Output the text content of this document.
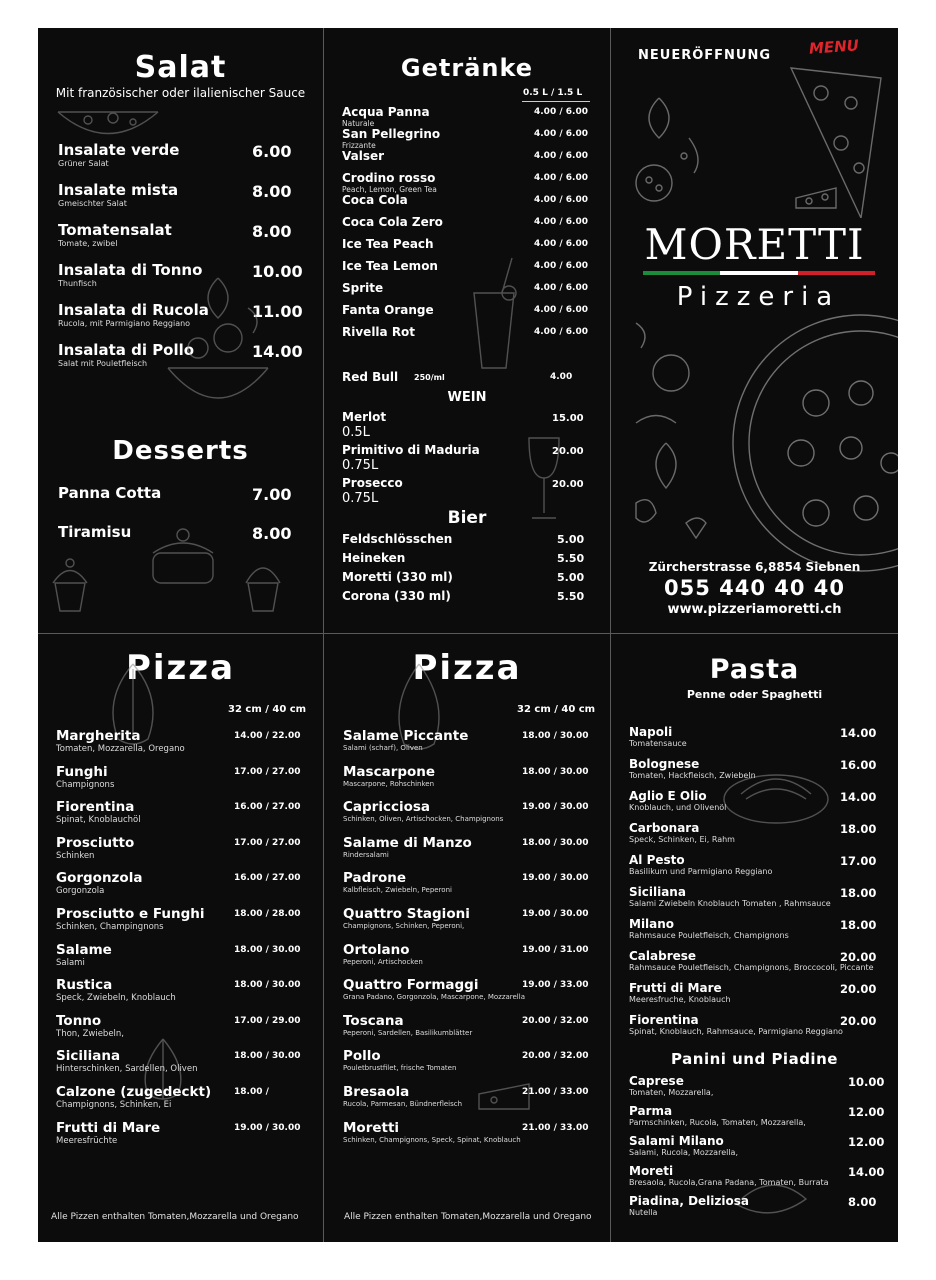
Salat
Mit französischer oder ilalienischer Sauce
Insalate verde
Grüner Salat
6.00
Insalate mista
Gmeischter Salat
8.00
Tomatensalat
Tomate, zwibel
8.00
Insalata di Tonno
Thunfisch
10.00
Insalata di Rucola
Rucola, mit Parmigiano Reggiano
11.00
Insalata di Pollo
Salat mit Pouletfleisch
14.00
Desserts
Panna Cotta	7.00
Tiramisu	8.00
Getränke
0.5 L / 1.5 L
Acqua Panna
Naturale
4.00 / 6.00
San Pellegrino
Frizzante
4.00 / 6.00
Valser	4.00 / 6.00
Crodino rosso
Peach, Lemon, Green Tea
4.00 / 6.00
Coca Cola	4.00 / 6.00
Coca Cola Zero	4.00 / 6.00
Ice Tea Peach	4.00 / 6.00
Ice Tea Lemon	4.00 / 6.00
Sprite	4.00 / 6.00
Fanta Orange	4.00 / 6.00
Rivella Rot	4.00 / 6.00
Red Bull 250/ml	4.00
WEIN
Merlot
0.5L
15.00
Primitivo di Maduria
0.75L
20.00
Prosecco
0.75L
20.00
Bier
Feldschlösschen	5.00
Heineken	5.50
Moretti (330 ml)	5.00
Corona (330 ml)	5.50
NEUERÖFFNUNG MENU
MORETTI
Pizzeria
Zürcherstrasse 6,8854 Siebnen
055 440 40 40
www.pizzeriamoretti.ch
Pizza
32 cm / 40 cm
Margherita
Tomaten, Mozzarella, Oregano
14.00 / 22.00
Funghi
Champignons
17.00 / 27.00
Fiorentina
Spinat, Knoblauchöl
16.00 / 27.00
Prosciutto
Schinken
17.00 / 27.00
Gorgonzola
Gorgonzola
16.00 / 27.00
Prosciutto e Funghi
Schinken, Champingnons
18.00 / 28.00
Salame
Salami
18.00 / 30.00
Rustica
Speck, Zwiebeln, Knoblauch
18.00 / 30.00
Tonno
Thon, Zwiebeln,
17.00 / 29.00
Siciliana
Hinterschinken, Sardellen, Oliven
18.00 / 30.00
Calzone (zugedeckt)
Champignons, Schinken, Ei
18.00 /
Frutti di Mare
Meeresfrüchte
19.00 / 30.00
Alle Pizzen enthalten Tomaten,Mozzarella und Oregano
Pizza
32 cm / 40 cm
Salame Piccante
Salami (scharf), Oliven
18.00 / 30.00
Mascarpone
Mascarpone, Rohschinken
18.00 / 30.00
Capricciosa
Schinken, Oliven, Artischocken, Champignons
19.00 / 30.00
Salame di Manzo
Rindersalami
18.00 / 30.00
Padrone
Kalbfleisch, Zwiebeln, Peperoni
19.00 / 30.00
Quattro Stagioni
Champignons, Schinken, Peperoni,
19.00 / 30.00
Ortolano
Peperoni, Artischocken
19.00 / 31.00
Quattro Formaggi
Grana Padano, Gorgonzola, Mascarpone, Mozzarella
19.00 / 33.00
Toscana
Peperoni, Sardellen, Basilikumblätter
20.00 / 32.00
Pollo
Pouletbrustfilet, frische Tomaten
20.00 / 32.00
Bresaola
Rucola, Parmesan, Bündnerfleisch
21.00 / 33.00
Moretti
Schinken, Champignons, Speck, Spinat, Knoblauch
21.00 / 33.00
Alle Pizzen enthalten Tomaten,Mozzarella und Oregano
Pasta
Penne oder Spaghetti
Napoli
Tomatensauce
14.00
Bolognese
Tomaten, Hackfleisch, Zwiebeln
16.00
Aglio E Olio
Knoblauch, und Olivenöl
14.00
Carbonara
Speck, Schinken, Ei, Rahm
18.00
Al Pesto
Basilikum und Parmigiano Reggiano
17.00
Siciliana
Salami Zwiebeln Knoblauch Tomaten , Rahmsauce
18.00
Milano
Rahmsauce Pouletfleisch, Champignons
18.00
Calabrese
Rahmsauce Pouletfleisch, Champignons, Broccocoli, Piccante
20.00
Frutti di Mare
Meeresfruche, Knoblauch
20.00
Fiorentina
Spinat, Knoblauch, Rahmsauce, Parmigiano Reggiano
20.00
Panini und Piadine
Caprese
Tomaten, Mozzarella,
10.00
Parma
Parmschinken, Rucola, Tomaten, Mozzarella,
12.00
Salami Milano
Salami, Rucola, Mozzarella,
12.00
Moreti
Bresaola, Rucola,Grana Padana, Tomaten, Burrata
14.00
Piadina, Deliziosa
Nutella
8.00
